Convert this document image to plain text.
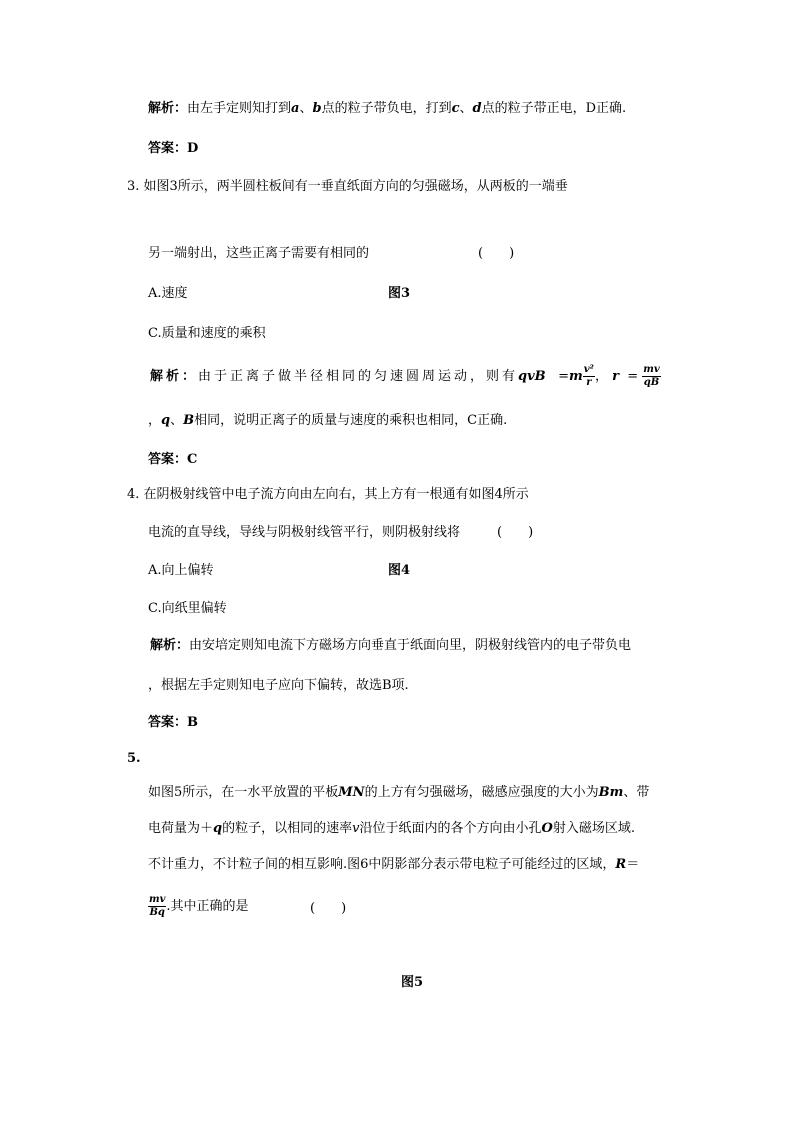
解析：由左手定则知打到a、b点的粒子带负电，打到c、d点的粒子带正电，D正确.
答案：D
3. 如图3所示，两半圆柱板间有一垂直纸面方向的匀强磁场，从两板的一端垂
另一端射出，这些正离子需要有相同的	(　　)
A.速度	图3
C.质量和速度的乘积
解析：由于正离子做半径相同的匀速圆周运动，则有qvB $=m \frac{\text{v²}}{r}$ ， $r = \frac{mv}{qB}$
，q、B相同，说明正离子的质量与速度的乘积也相同，C正确.
答案：C
4. 在阴极射线管中电子流方向由左向右，其上方有一根通有如图4所示
电流的直导线，导线与阴极射线管平行，则阴极射线将	(　　)
A.向上偏转	图4
C.向纸里偏转
解析：由安培定则知电流下方磁场方向垂直于纸面向里，阴极射线管内的电子带负电
，根据左手定则知电子应向下偏转，故选B项.
答案：B
5.
如图5所示，在一水平放置的平板MN的上方有匀强磁场，磁感应强度的大小为Bm、带
电荷量为＋q的粒子，以相同的速率v沿位于纸面内的各个方向由小孔O射入磁场区域.
不计重力，不计粒子间的相互影响.图6中阴影部分表示带电粒子可能经过的区域，R＝
$\frac{mv}{Bq}$ .其中正确的是	(　　)
图5
